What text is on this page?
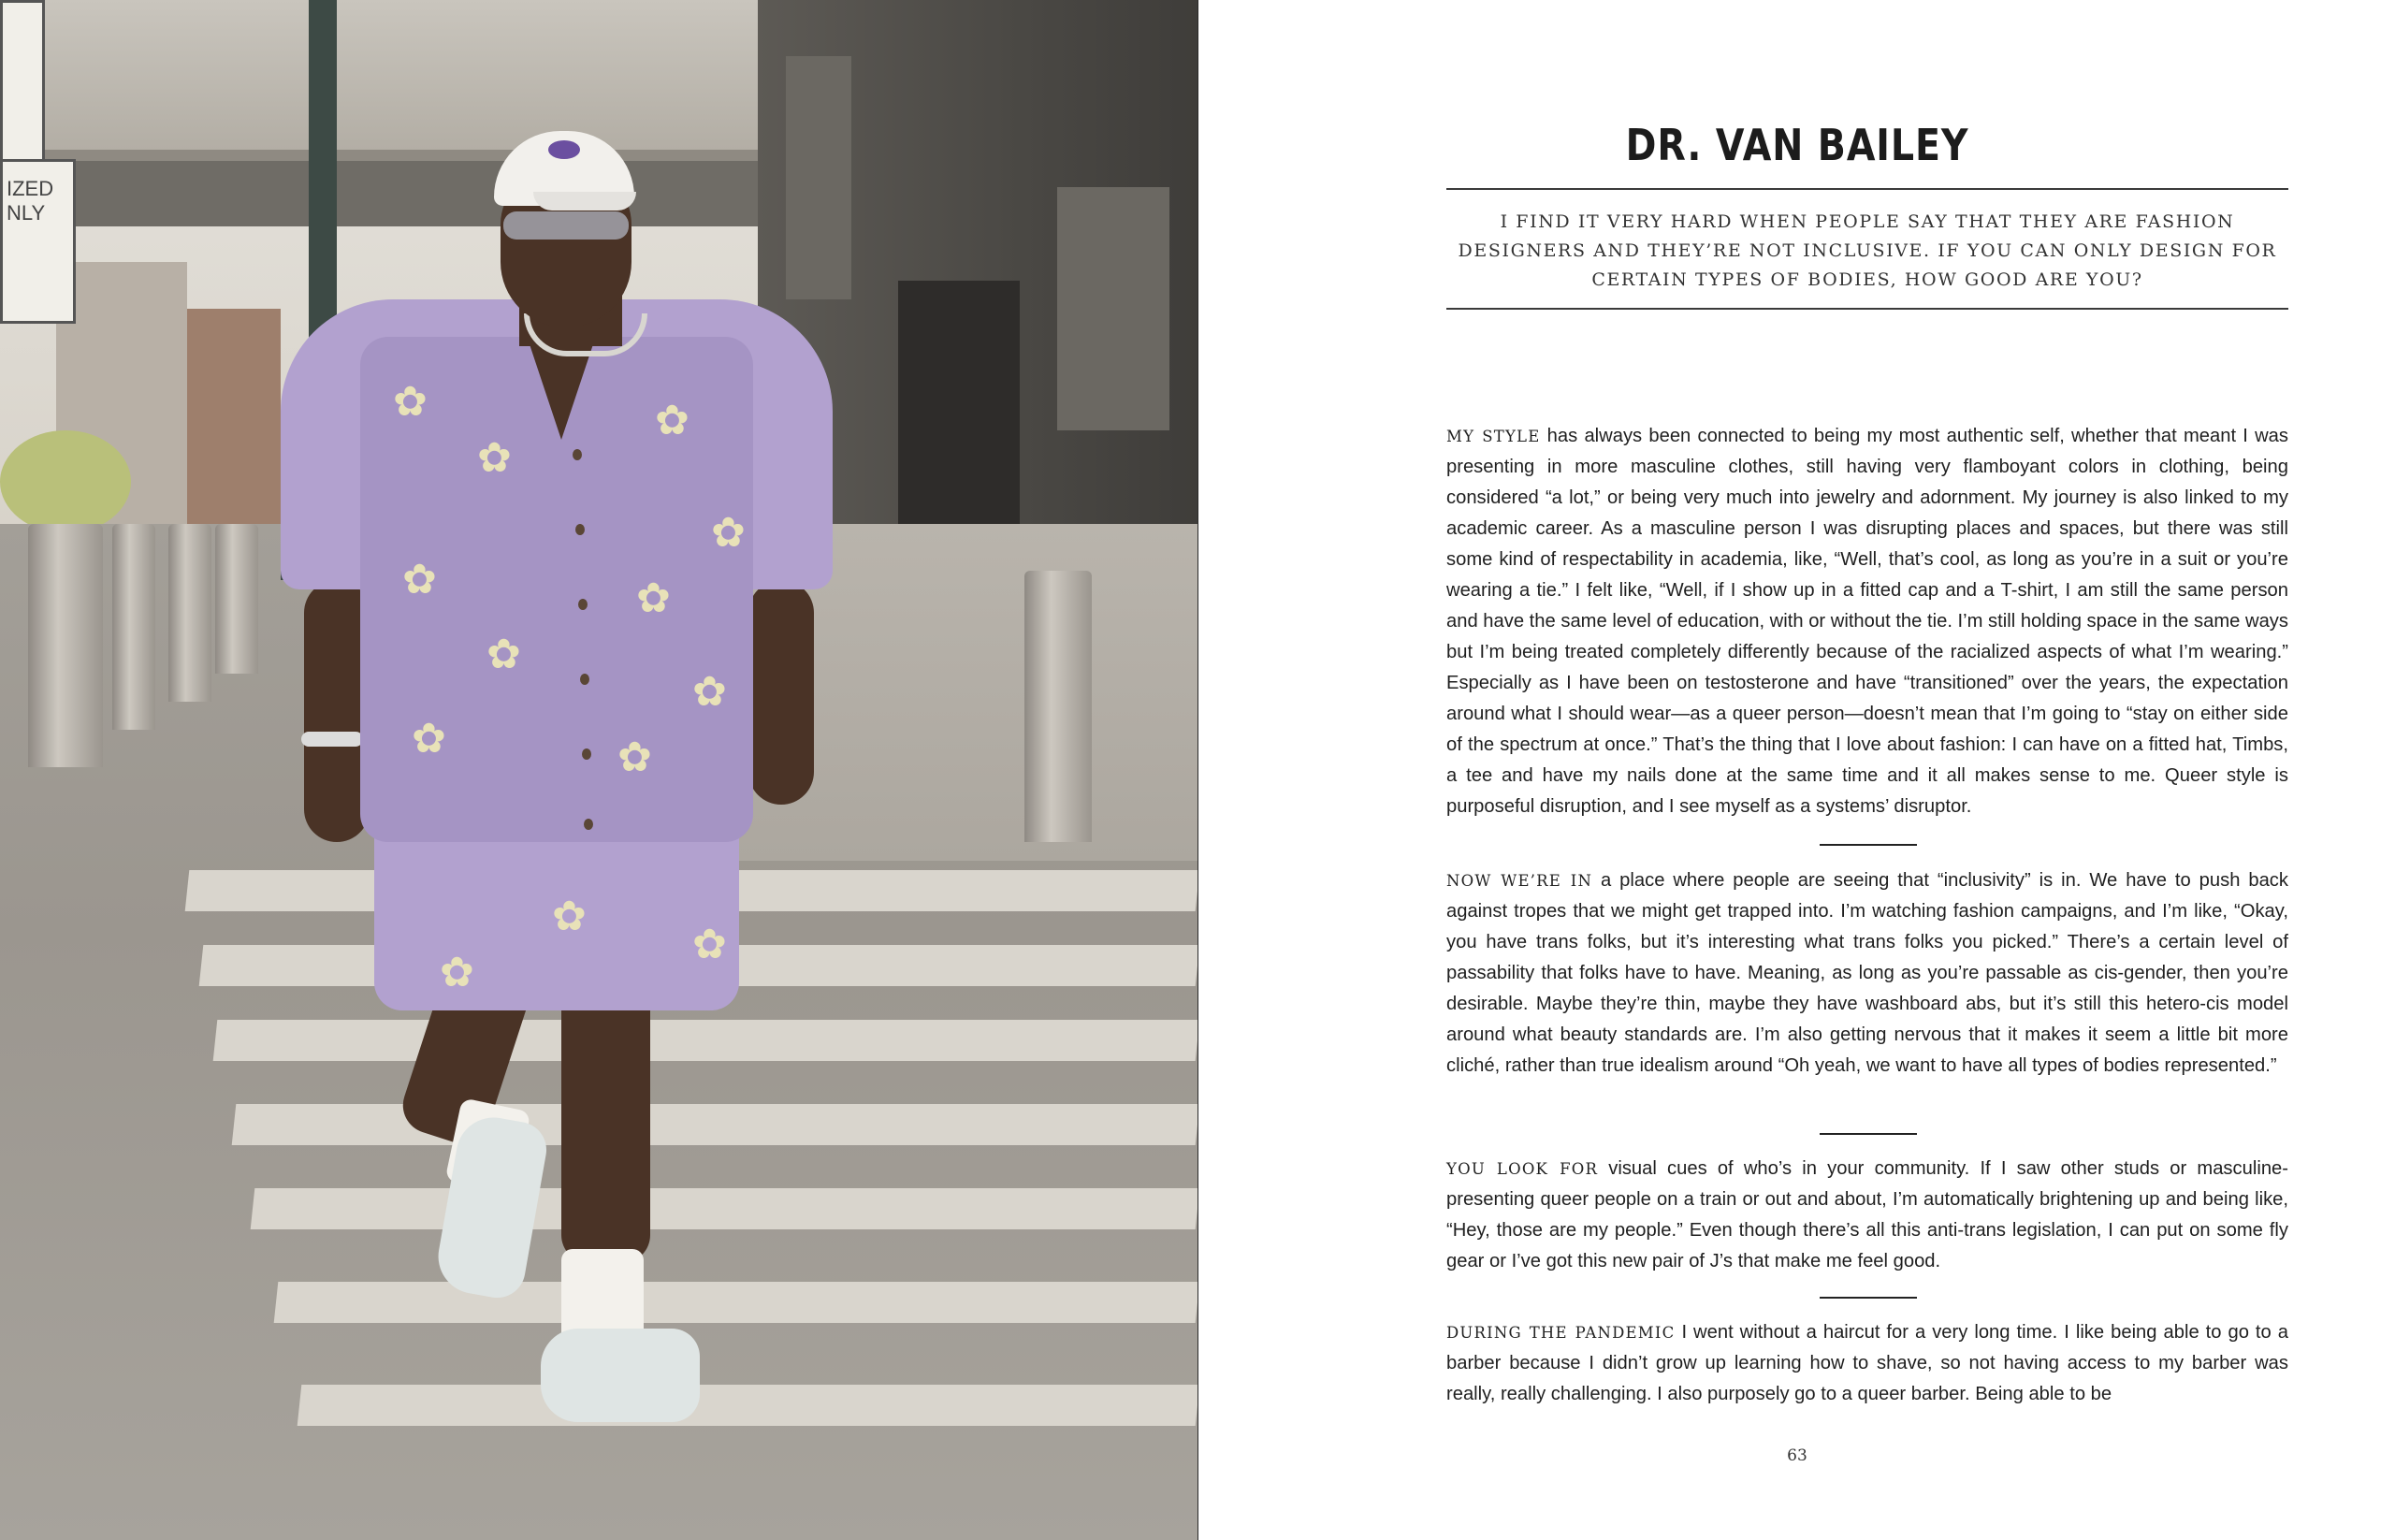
IZED
NLY
✿
✿
✿
✿
✿
✿
✿
✿
✿	✿
✿
✿
✿
DR. VAN BAILEY
I FIND IT VERY HARD WHEN PEOPLE SAY THAT THEY ARE FASHION DESIGNERS AND THEY’RE NOT INCLUSIVE. IF YOU CAN ONLY DESIGN FOR CERTAIN TYPES OF BODIES, HOW GOOD ARE YOU?

MY STYLE has always been connected to being my most authentic self, whether that meant I was presenting in more masculine clothes, still having very flamboyant colors in clothing, being considered “a lot,” or being very much into jewelry and adornment. My journey is also linked to my academic career. As a masculine person I was disrupting places and spaces, but there was still some kind of respectability in academia, like, “Well, that’s cool, as long as you’re in a suit or you’re wearing a tie.” I felt like, “Well, if I show up in a fitted cap and a T-shirt, I am still the same person and have the same level of education, with or without the tie. I’m still holding space in the same ways but I’m being treated completely differently because of the racialized aspects of what I’m wearing.” Especially as I have been on testosterone and have “transitioned” over the years, the expectation around what I should wear—as a queer person—doesn’t mean that I’m going to “stay on either side of the spectrum at once.” That’s the thing that I love about fashion: I can have on a fitted hat, Timbs, a tee and have my nails done at the same time and it all makes sense to me. Queer style is purposeful disruption, and I see myself as a systems’ disruptor.

NOW WE’RE IN a place where people are seeing that “inclusivity” is in. We have to push back against tropes that we might get trapped into. I’m watching fashion campaigns, and I’m like, “Okay, you have trans folks, but it’s interesting what trans folks you picked.” There’s a certain level of passability that folks have to have. Meaning, as long as you’re passable as cis-gender, then you’re desirable. Maybe they’re thin, maybe they have washboard abs, but it’s still this hetero-cis model around what beauty standards are. I’m also getting nervous that it makes it seem a little bit more cliché, rather than true idealism around “Oh yeah, we want to have all types of bodies represented.”

YOU LOOK FOR visual cues of who’s in your community. If I saw other studs or masculine-presenting queer people on a train or out and about, I’m automatically brightening up and being like, “Hey, those are my people.” Even though there’s all this anti-trans legislation, I can put on some fly gear or I’ve got this new pair of J’s that make me feel good.

DURING THE PANDEMIC I went without a haircut for a very long time. I like being able to go to a barber because I didn’t grow up learning how to shave, so not having access to my barber was really, really challenging. I also purposely go to a queer barber. Being able to be

63
